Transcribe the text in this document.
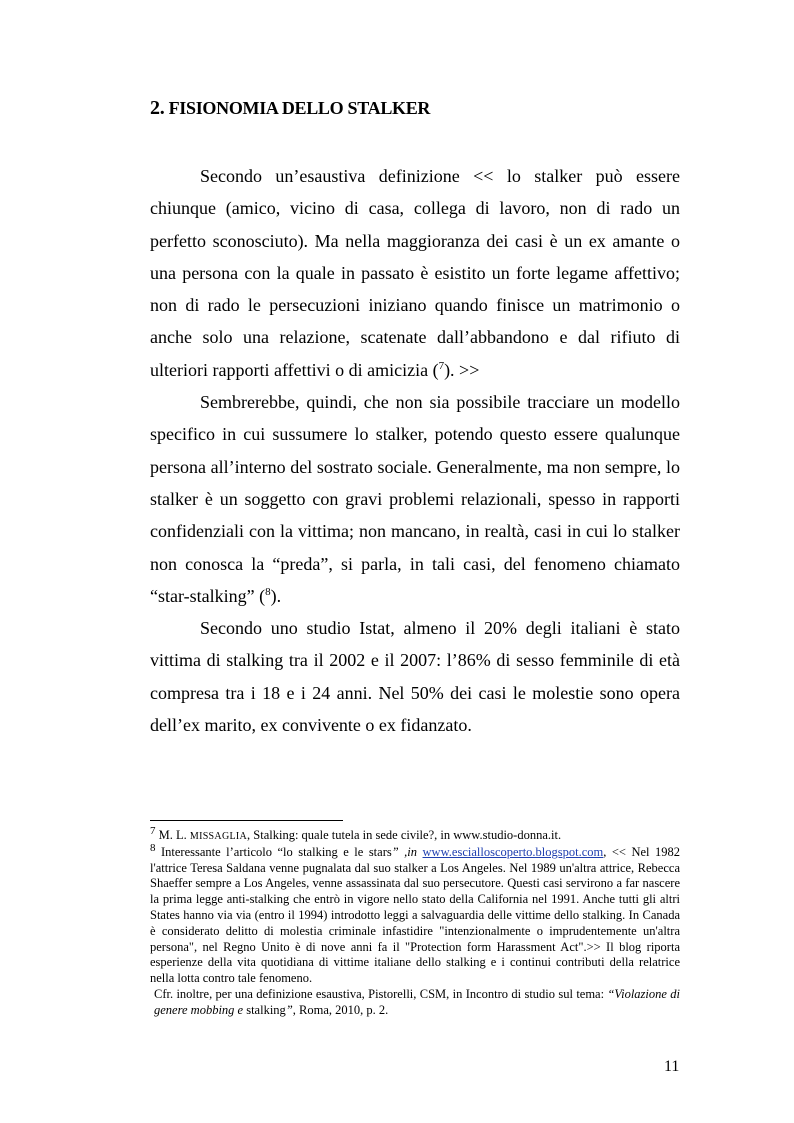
2. FISIONOMIA DELLO STALKER

Secondo un’esaustiva definizione << lo stalker può essere chiunque (amico, vicino di casa, collega di lavoro, non di rado un perfetto sconosciuto). Ma nella maggioranza dei casi è un ex amante o una persona con la quale in passato è esistito un forte legame affettivo; non di rado le persecuzioni iniziano quando finisce un matrimonio o anche solo una relazione, scatenate dall’abbandono e dal rifiuto di ulteriori rapporti affettivi o di amicizia ($^7$). >>

Sembrerebbe, quindi, che non sia possibile tracciare un modello specifico in cui sussumere lo stalker, potendo questo essere qualunque persona all’interno del sostrato sociale. Generalmente, ma non sempre, lo stalker è un soggetto con gravi problemi relazionali, spesso in rapporti confidenziali con la vittima; non mancano, in realtà, casi in cui lo stalker non conosca la “preda”, si parla, in tali casi, del fenomeno chiamato “star-stalking” ($^8$).

Secondo uno studio Istat, almeno il 20% degli italiani è stato vittima di stalking tra il 2002 e il 2007: l’86% di sesso femminile di età compresa tra i 18 e i 24 anni. Nel 50% dei casi le molestie sono opera dell’ex marito, ex convivente o ex fidanzato.

$^7$ M. L. MISSAGLIA, Stalking: quale tutela in sede civile?, in www.studio-donna.it.

$^8$ Interessante l’articolo “lo stalking e le stars” ,in www.escialloscoperto.blogspot.com, << Nel 1982 l'attrice Teresa Saldana venne pugnalata dal suo stalker a Los Angeles. Nel 1989 un'altra attrice, Rebecca Shaeffer sempre a Los Angeles, venne assassinata dal suo persecutore. Questi casi servirono a far nascere la prima legge anti-stalking che entrò in vigore nello stato della California nel 1991. Anche tutti gli altri States hanno via via (entro il 1994) introdotto leggi a salvaguardia delle vittime dello stalking. In Canada è considerato delitto di molestia criminale infastidire "intenzionalmente o imprudentemente un'altra persona", nel Regno Unito è di nove anni fa il "Protection form Harassment Act".>> Il blog riporta esperienze della vita quotidiana di vittime italiane dello stalking e i continui contributi della relatrice nella lotta contro tale fenomeno.

Cfr. inoltre, per una definizione esaustiva, Pistorelli, CSM, in Incontro di studio sul tema: “Violazione di genere mobbing e stalking”, Roma, 2010, p. 2.

11
